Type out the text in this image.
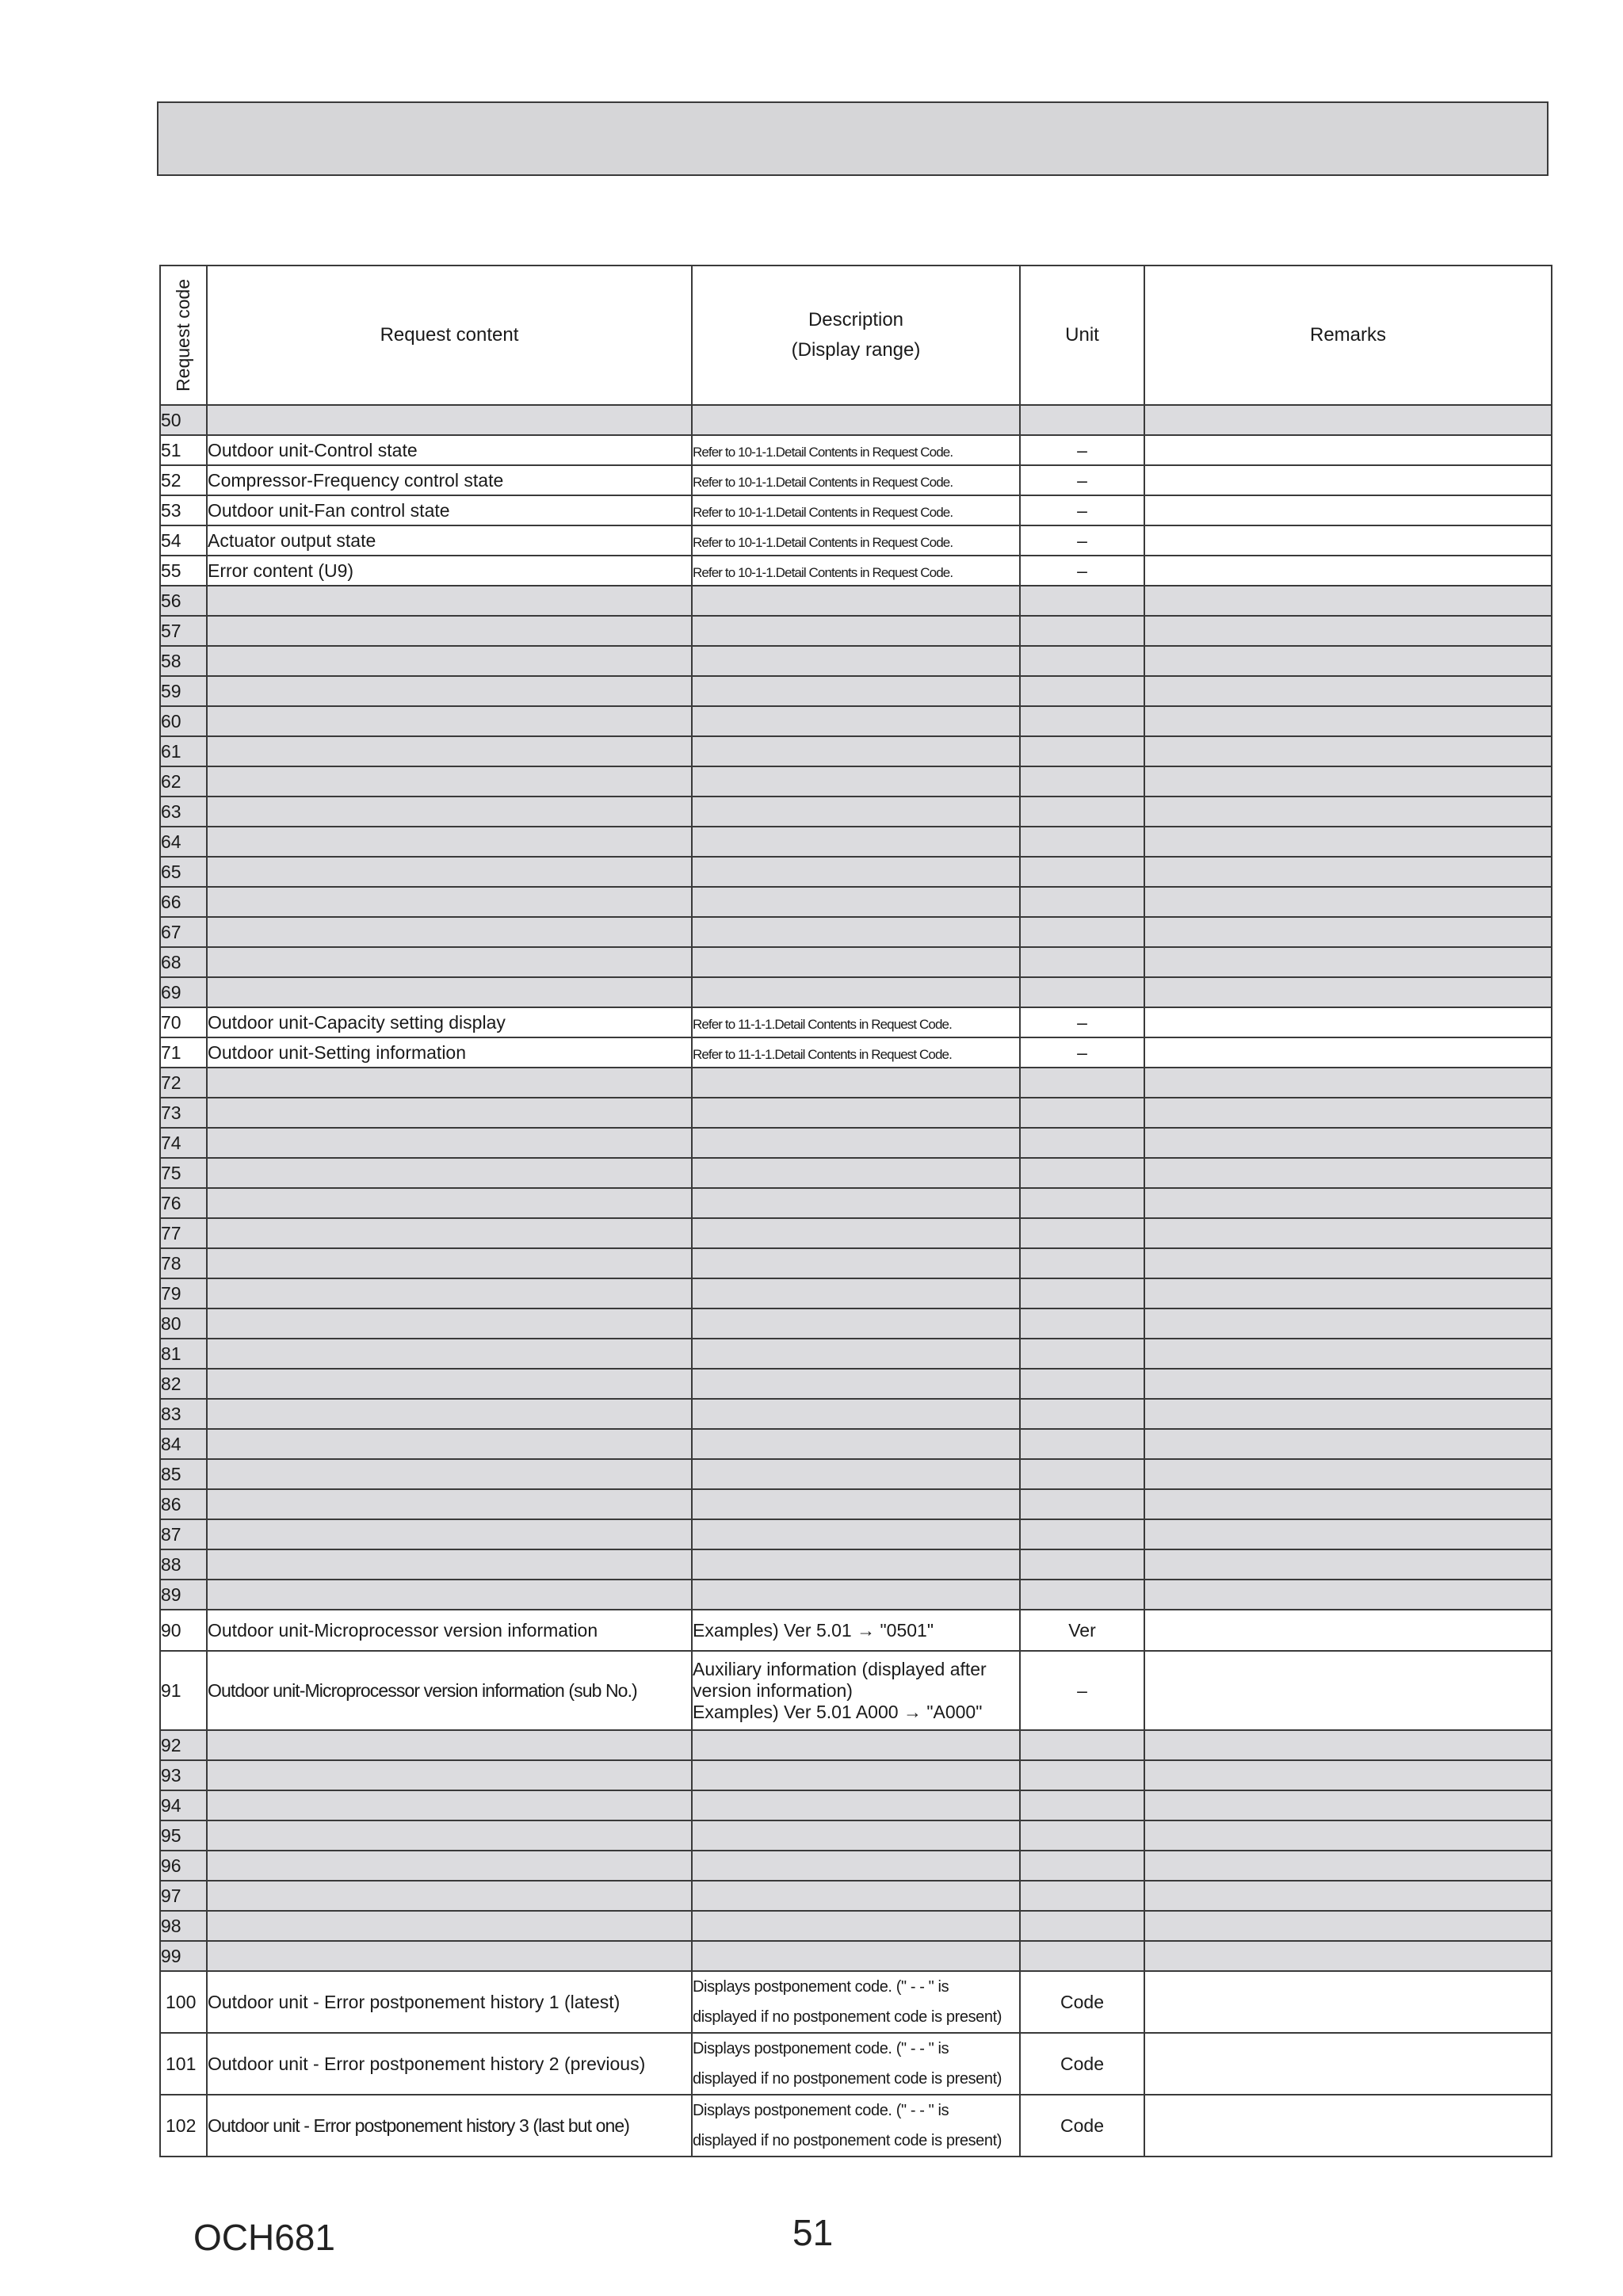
Request code	Request content	Description
(Display range)	Unit	Remarks
50				
51	Outdoor unit-Control state	Refer to 10-1-1.Detail Contents in Request Code.	–	
52	Compressor-Frequency control state	Refer to 10-1-1.Detail Contents in Request Code.	–	
53	Outdoor unit-Fan control state	Refer to 10-1-1.Detail Contents in Request Code.	–	
54	Actuator output state	Refer to 10-1-1.Detail Contents in Request Code.	–	
55	Error content (U9)	Refer to 10-1-1.Detail Contents in Request Code.	–	
56				
57				
58				
59				
60				
61				
62				
63				
64				
65				
66				
67				
68				
69				
70	Outdoor unit-Capacity setting display	Refer to 11-1-1.Detail Contents in Request Code.	–	
71	Outdoor unit-Setting information	Refer to 11-1-1.Detail Contents in Request Code.	–	
72				
73				
74				
75				
76				
77				
78				
79				
80				
81				
82				
83				
84				
85				
86				
87				
88				
89				
90	Outdoor unit-Microprocessor version information	Examples) Ver 5.01 → "0501"	Ver	
91	Outdoor unit-Microprocessor version information (sub No.)	Auxiliary information (displayed after
version information)
Examples) Ver 5.01 A000 → "A000"	–	
92				
93				
94				
95				
96				
97				
98				
99				
100	Outdoor unit - Error postponement history 1 (latest)	Displays postponement code. (" - - " is
displayed if no postponement code is present)	Code	
101	Outdoor unit - Error postponement history 2 (previous)	Displays postponement code. (" - - " is
displayed if no postponement code is present)	Code	
102	Outdoor unit - Error postponement history 3 (last but one)	Displays postponement code. (" - - " is
displayed if no postponement code is present)	Code	
OCH681	51
